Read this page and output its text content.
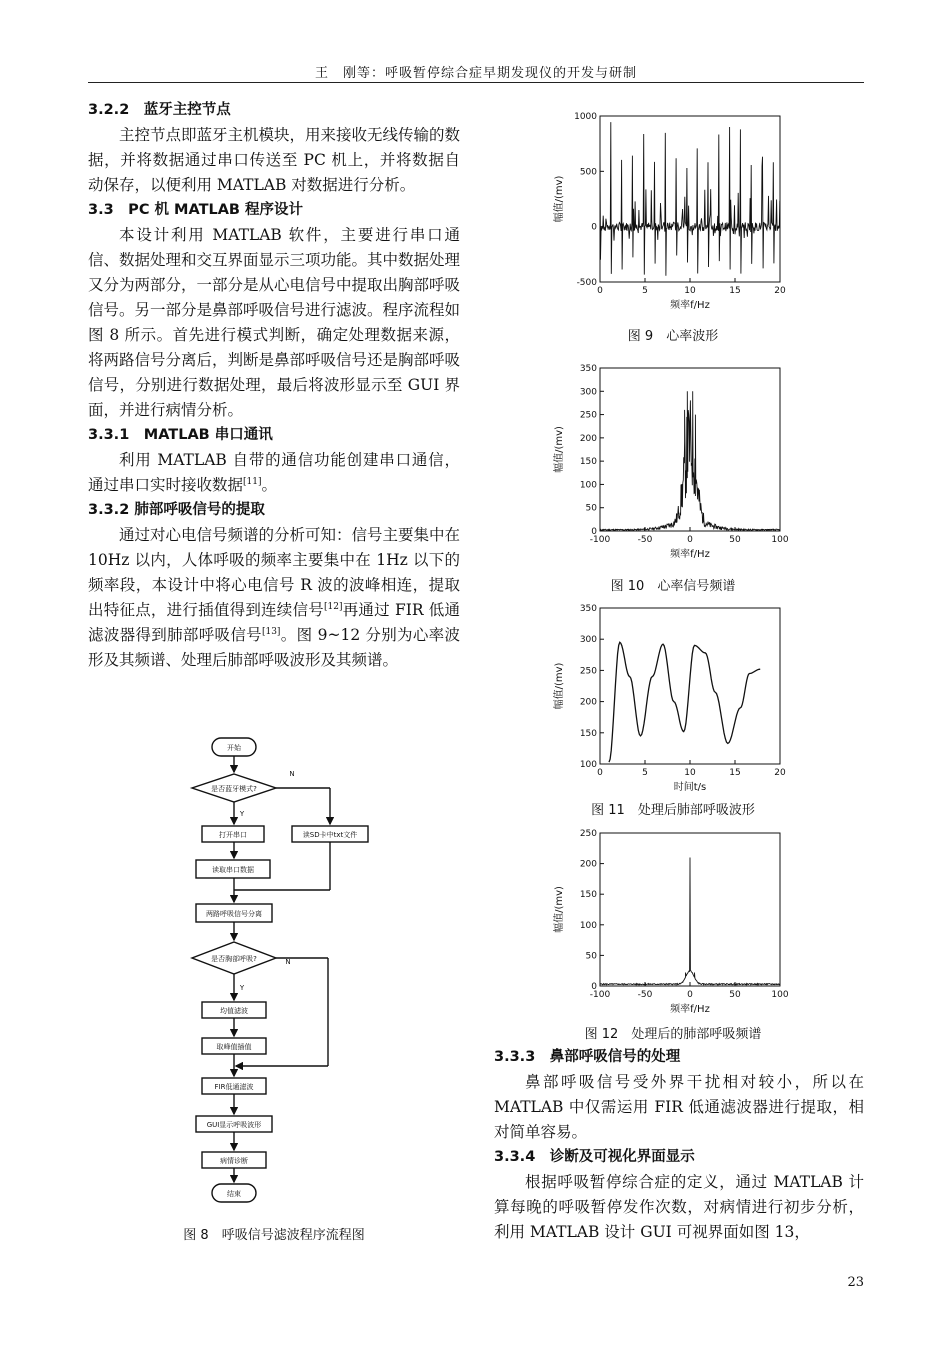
王　刚等：呼吸暂停综合症早期发现仪的开发与研制

3.2.2　蓝牙主控节点

主控节点即蓝牙主机模块，用来接收无线传输的数据，并将数据通过串口传送至 PC 机上，并将数据自动保存，以便利用 MATLAB 对数据进行分析。

3.3　PC 机 MATLAB 程序设计

本设计利用 MATLAB 软件，主要进行串口通信、数据处理和交互界面显示三项功能。其中数据处理又分为两部分，一部分是从心电信号中提取出胸部呼吸信号。另一部分是鼻部呼吸信号进行滤波。程序流程如图 8 所示。首先进行模式判断，确定处理数据来源，将两路信号分离后，判断是鼻部呼吸信号还是胸部呼吸信号，分别进行数据处理，最后将波形显示至 GUI 界面，并进行病情分析。

3.3.1　MATLAB 串口通讯

利用 MATLAB 自带的通信功能创建串口通信，通过串口实时接收数据[11]。

3.3.2 肺部呼吸信号的提取

通过对心电信号频谱的分析可知：信号主要集中在 10Hz 以内，人体呼吸的频率主要集中在 1Hz 以下的频率段，本设计中将心电信号 R 波的波峰相连，提取出特征点，进行插值得到连续信号[12]再通过 FIR 低通滤波器得到肺部呼吸信号[13]。图 9~12 分别为心率波形及其频谱、处理后肺部呼吸波形及其频谱。

开始
是否蓝牙模式?
N
Y
打开串口	读SD卡中txt文件
读取串口数据
两路呼吸信号分离
是否胸部呼吸?	N
Y
均值滤波
取峰值插值
FIR低通滤波
GUI显示呼吸波形
病情诊断
结束
图 8　呼吸信号滤波程序流程图
0	5	10	15	20
-500
0
500
1000
频率f/Hz
幅值/(mv)
图 9　心率波形
-100	-50	0	50	100
0
50
100
150
200
250
300
350
频率f/Hz
幅值/(mv)
图 10　心率信号频谱
0	5	10	15	20
100
150
200
250
300
350
时间t/s
幅值/(mv)
图 11　处理后肺部呼吸波形
-100	-50	0	50	100
0
50
100
150
200
250
频率f/Hz
幅值/(mv)
图 12　处理后的肺部呼吸频谱

3.3.3　鼻部呼吸信号的处理

鼻部呼吸信号受外界干扰相对较小，所以在 MATLAB 中仅需运用 FIR 低通滤波器进行提取，相对简单容易。

3.3.4　诊断及可视化界面显示

根据呼吸暂停综合症的定义，通过 MATLAB 计算每晚的呼吸暂停发作次数，对病情进行初步分析，利用 MATLAB 设计 GUI 可视界面如图 13，

23
